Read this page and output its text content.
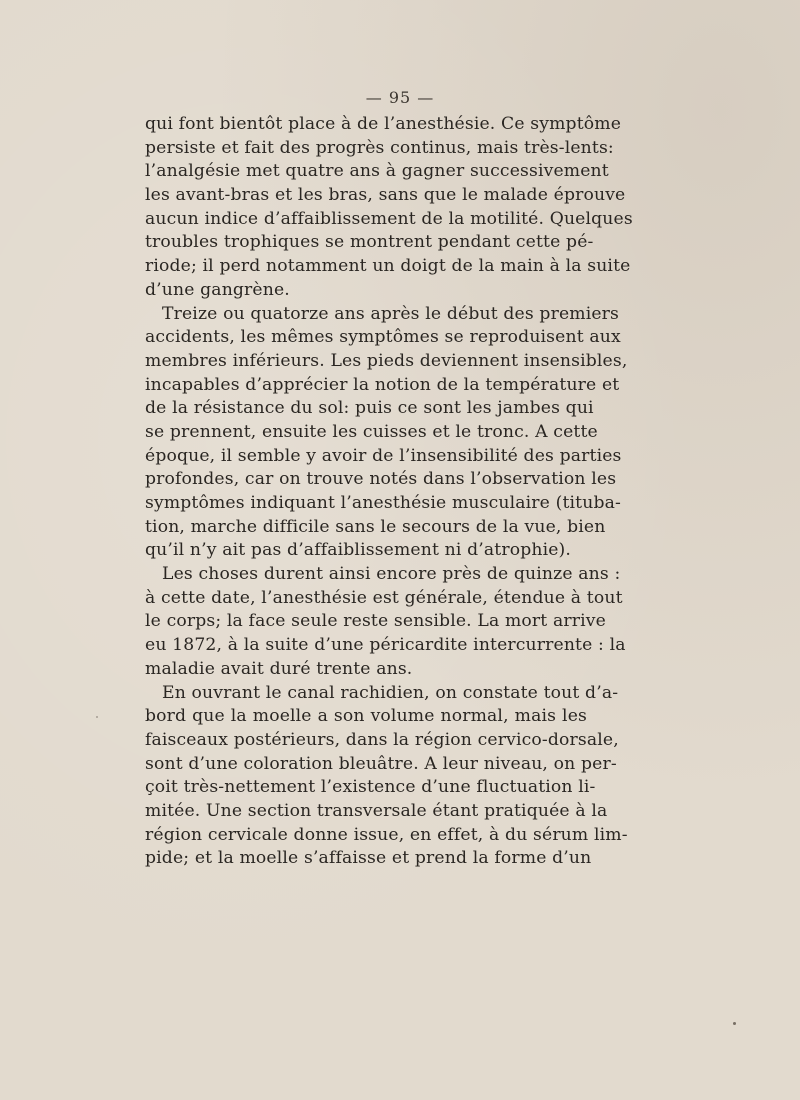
— 95 —
qui font bientôt place à de l’anesthésie. Ce symptôme
persiste et fait des progrès continus, mais très-lents:
l’analgésie met quatre ans à gagner successivement
les avant-bras et les bras, sans que le malade éprouve
aucun indice d’affaiblissement de la motilité. Quelques
troubles trophiques se montrent pendant cette pé-
riode; il perd notamment un doigt de la main à la suite
d’une gangrène.
Treize ou quatorze ans après le début des premiers
accidents, les mêmes symptômes se reproduisent aux
membres inférieurs. Les pieds deviennent insensibles,
incapables d’apprécier la notion de la température et
de la résistance du sol: puis ce sont les jambes qui
se prennent, ensuite les cuisses et le tronc. A cette
époque, il semble y avoir de l’insensibilité des parties
profondes, car on trouve notés dans l’observation les
symptômes indiquant l’anesthésie musculaire (tituba-
tion, marche difficile sans le secours de la vue, bien
qu’il n’y ait pas d’affaiblissement ni d’atrophie).
Les choses durent ainsi encore près de quinze ans :
à cette date, l’anesthésie est générale, étendue à tout
le corps; la face seule reste sensible. La mort arrive
eu 1872, à la suite d’une péricardite intercurrente : la
maladie avait duré trente ans.
En ouvrant le canal rachidien, on constate tout d’a-
bord que la moelle a son volume normal, mais les
faisceaux postérieurs, dans la région cervico-dorsale,
sont d’une coloration bleuâtre. A leur niveau, on per-
çoit très-nettement l’existence d’une fluctuation li-
mitée. Une section transversale étant pratiquée à la
région cervicale donne issue, en effet, à du sérum lim-
pide; et la moelle s’affaisse et prend la forme d’un
